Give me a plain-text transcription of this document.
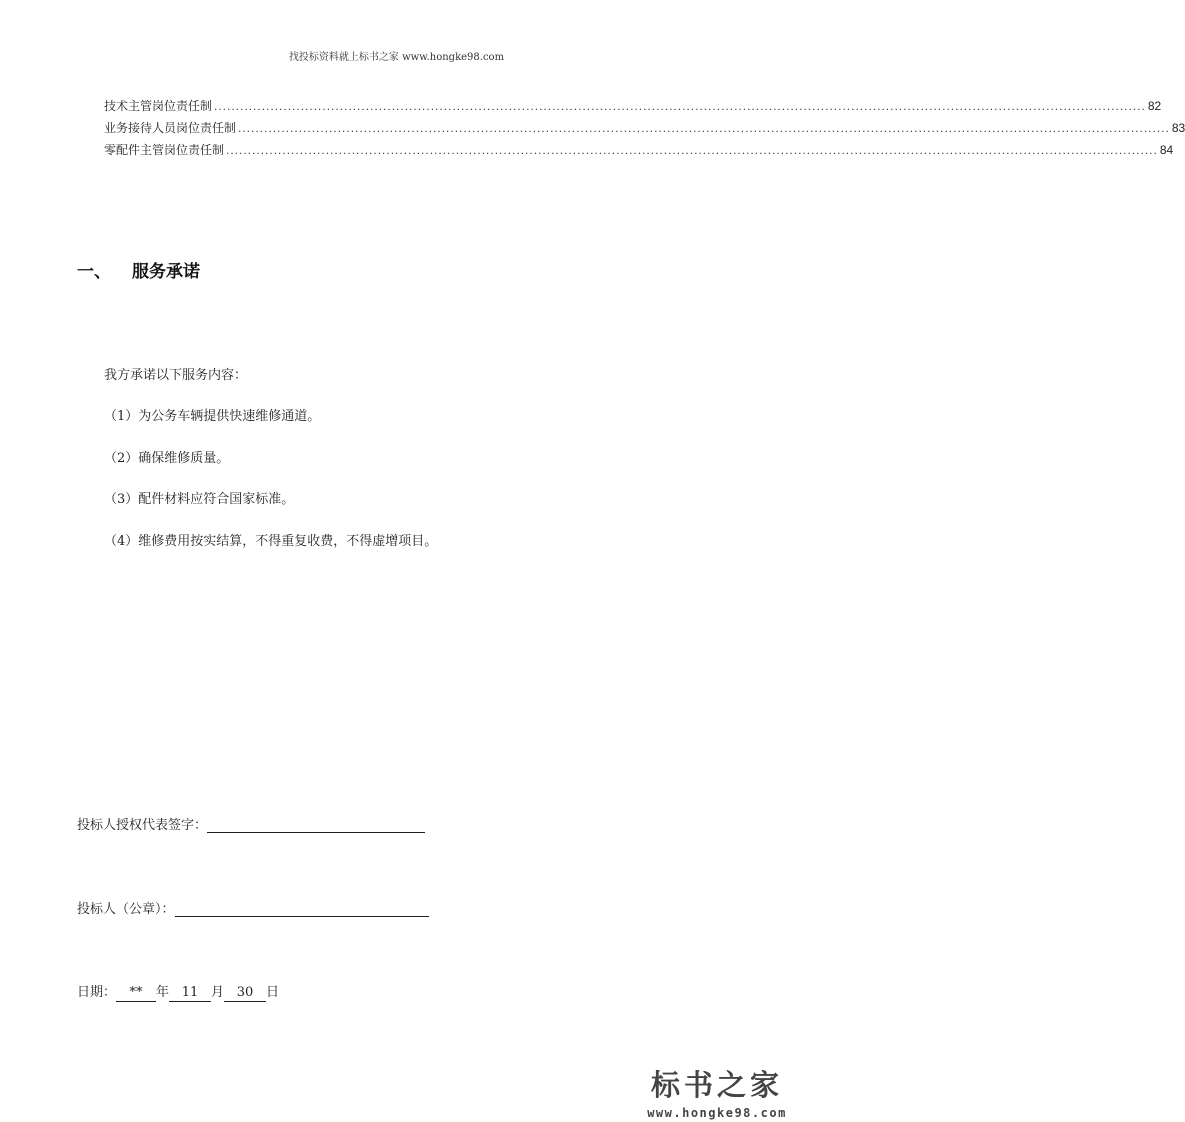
找投标资料就上标书之家 www.hongke98.com
技术主管岗位责任制 ....................................................................................................................................................................................................................... 82
业务接待人员岗位责任制 ....................................................................................................................................................................................................................... 83
零配件主管岗位责任制 ....................................................................................................................................................................................................................... 84
一、 服务承诺
我方承诺以下服务内容：
（1）为公务车辆提供快速维修通道。
（2）确保维修质量。
（3）配件材料应符合国家标准。
（4）维修费用按实结算，不得重复收费，不得虚增项目。
投标人授权代表签字：
投标人（公章）：
日期： ** 年 11 月 30 日
标书之家
www.hongke98.com
